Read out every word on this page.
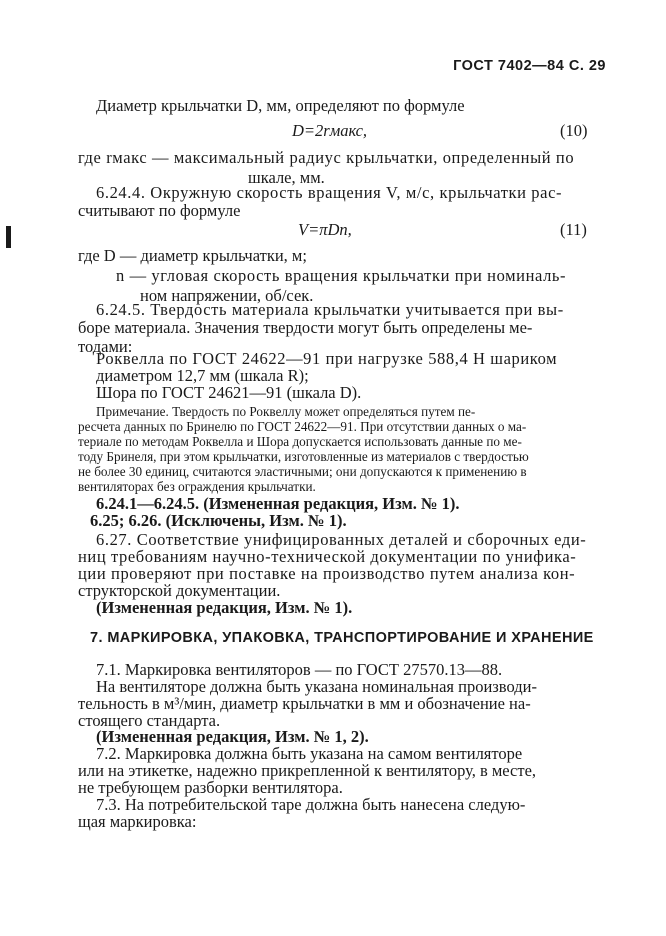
ГОСТ 7402—84 С. 29
Диаметр крыльчатки D, мм, определяют по формуле
D=2rмакс,	(10)
где rмакс — максимальный радиус крыльчатки, определенный по
шкале, мм.
6.24.4. Окружную скорость вращения V, м/с, крыльчатки рас-
считывают по формуле
V=πDn,	(11)
где D — диаметр крыльчатки, м;
n — угловая скорость вращения крыльчатки при номиналь-
ном напряжении, об/сек.
6.24.5. Твердость материала крыльчатки учитывается при вы-
боре материала. Значения твердости могут быть определены ме-
тодами:
Роквелла по ГОСТ 24622—91 при нагрузке 588,4 Н шариком
диаметром 12,7 мм (шкала R);
Шора по ГОСТ 24621—91 (шкала D).
Примечание. Твердость по Роквеллу может определяться путем пе-
ресчета данных по Бринелю по ГОСТ 24622—91. При отсутствии данных о ма-
териале по методам Роквелла и Шора допускается использовать данные по ме-
тоду Бринеля, при этом крыльчатки, изготовленные из материалов с твердостью
не более 30 единиц, считаются эластичными; они допускаются к применению в
вентиляторах без ограждения крыльчатки.
6.24.1—6.24.5. (Измененная редакция, Изм. № 1).
6.25; 6.26. (Исключены, Изм. № 1).
6.27. Соответствие унифицированных деталей и сборочных еди-
ниц требованиям научно-технической документации по унифика-
ции проверяют при поставке на производство путем анализа кон-
структорской документации.
(Измененная редакция, Изм. № 1).
7. МАРКИРОВКА, УПАКОВКА, ТРАНСПОРТИРОВАНИЕ И ХРАНЕНИЕ
7.1. Маркировка вентиляторов — по ГОСТ 27570.13—88.
На вентиляторе должна быть указана номинальная производи-
тельность в м³/мин, диаметр крыльчатки в мм и обозначение на-
стоящего стандарта.
(Измененная редакция, Изм. № 1, 2).
7.2. Маркировка должна быть указана на самом вентиляторе
или на этикетке, надежно прикрепленной к вентилятору, в месте,
не требующем разборки вентилятора.
7.3. На потребительской таре должна быть нанесена следую-
щая маркировка:
